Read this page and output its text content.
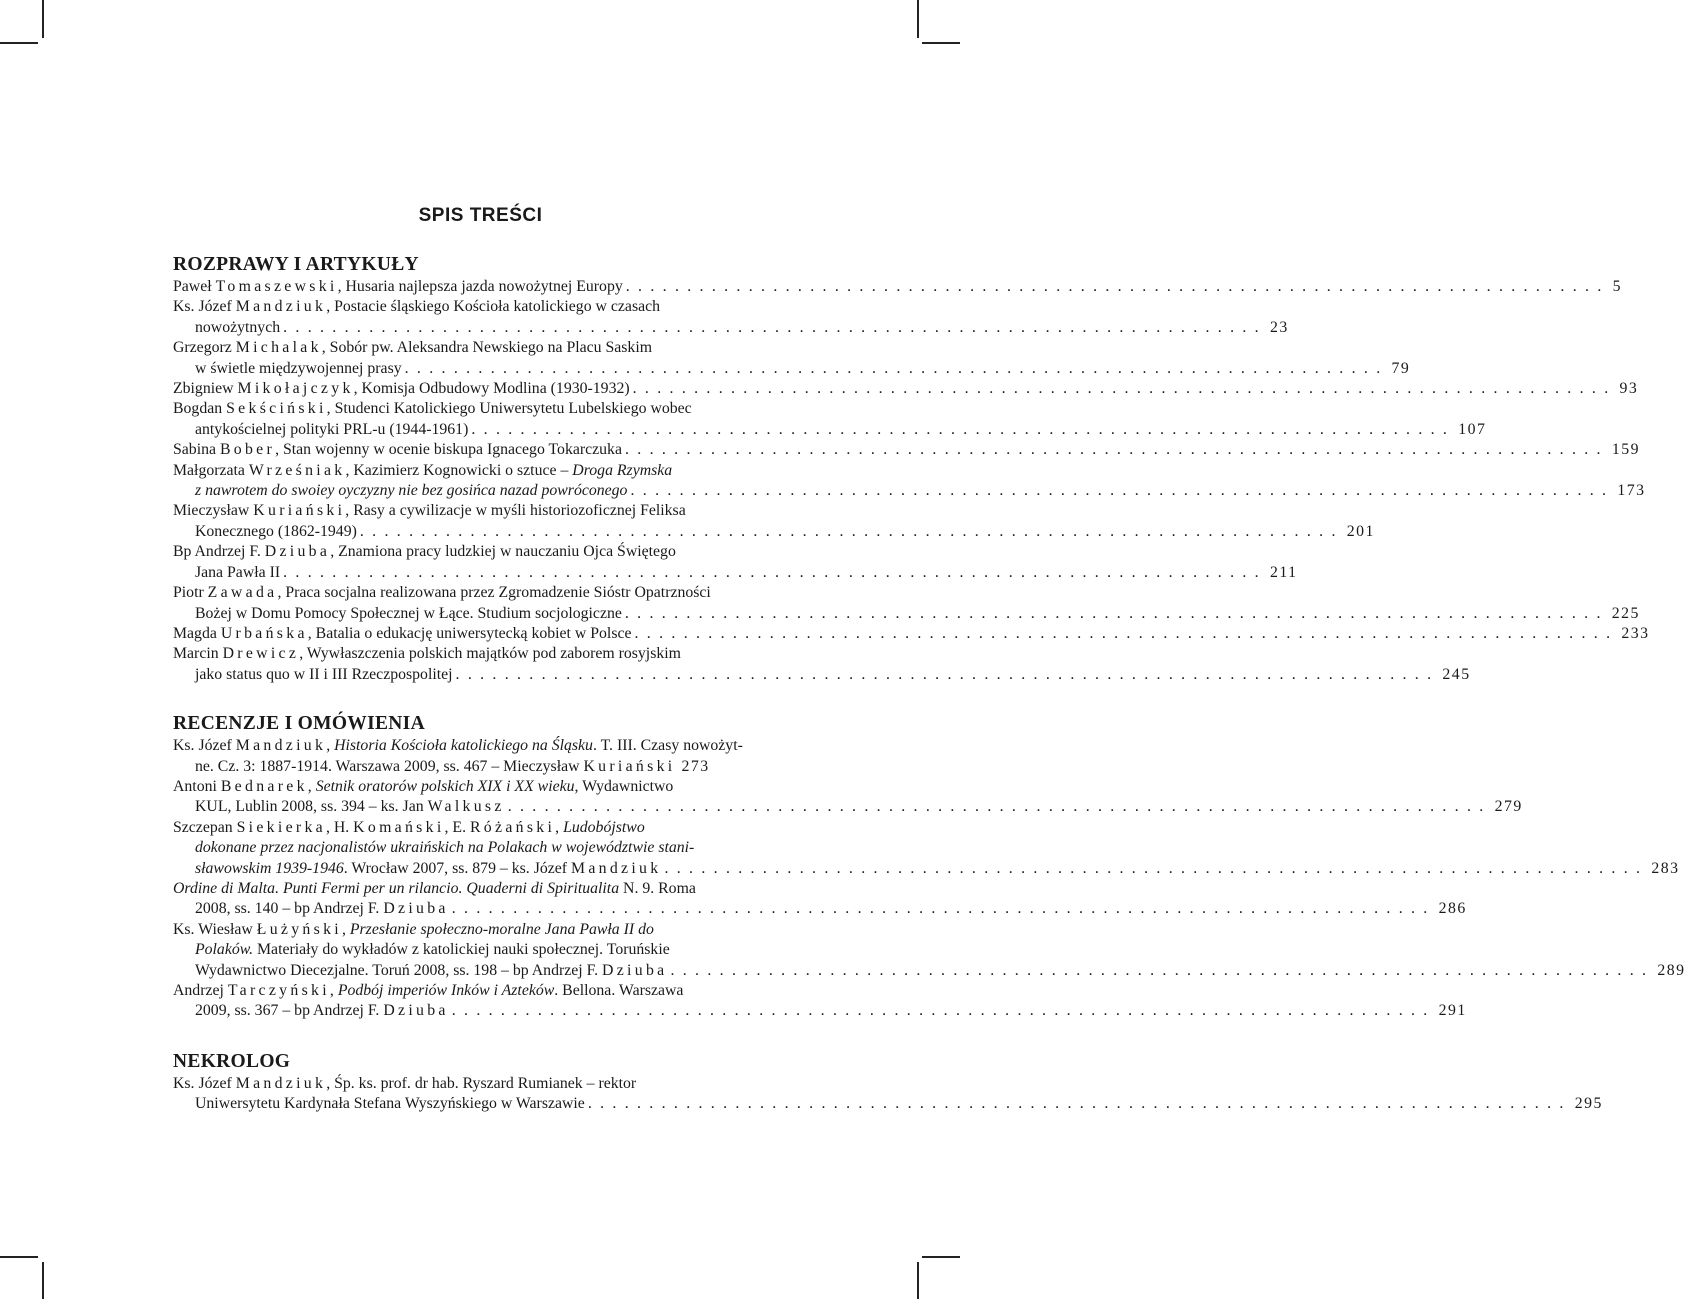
SPIS TREŚCI
ROZPRAWY I ARTYKUŁY
Paweł Tomaszewski, Husaria najlepsza jazda nowożytnej Europy . . . . . . . . . . . . . . . . . . . . . . . . . . . . . . . . . . . . . . . . . . . . . . . . . . . . . . . . . . . . . . . . . . . . . . . . . . . . . . . . 5
Ks. Józef Mandziuk, Postacie śląskiego Kościoła katolickiego w czasach
nowożytnych . . . . . . . . . . . . . . . . . . . . . . . . . . . . . . . . . . . . . . . . . . . . . . . . . . . . . . . . . . . . . . . . . . . . . . . . . . . . . . . . 23
Grzegorz Michalak, Sobór pw. Aleksandra Newskiego na Placu Saskim
w świetle międzywojennej prasy . . . . . . . . . . . . . . . . . . . . . . . . . . . . . . . . . . . . . . . . . . . . . . . . . . . . . . . . . . . . . . . . . . . . . . . . . . . . . . . . 79
Zbigniew Mikołajczyk, Komisja Odbudowy Modlina (1930-1932) . . . . . . . . . . . . . . . . . . . . . . . . . . . . . . . . . . . . . . . . . . . . . . . . . . . . . . . . . . . . . . . . . . . . . . . . . . . . . . . . 93
Bogdan Sekściński, Studenci Katolickiego Uniwersytetu Lubelskiego wobec
antykościelnej polityki PRL-u (1944-1961) . . . . . . . . . . . . . . . . . . . . . . . . . . . . . . . . . . . . . . . . . . . . . . . . . . . . . . . . . . . . . . . . . . . . . . . . . . . . . . . . 107
Sabina Bober, Stan wojenny w ocenie biskupa Ignacego Tokarczuka . . . . . . . . . . . . . . . . . . . . . . . . . . . . . . . . . . . . . . . . . . . . . . . . . . . . . . . . . . . . . . . . . . . . . . . . . . . . . . . . 159
Małgorzata Wrześniak, Kazimierz Kognowicki o sztuce – Droga Rzymska
z nawrotem do swoiey oyczyzny nie bez gosińca nazad powróconego . . . . . . . . . . . . . . . . . . . . . . . . . . . . . . . . . . . . . . . . . . . . . . . . . . . . . . . . . . . . . . . . . . . . . . . . . . . . . . . . 173
Mieczysław Kuriański, Rasy a cywilizacje w myśli historiozoficznej Feliksa
Konecznego (1862-1949) . . . . . . . . . . . . . . . . . . . . . . . . . . . . . . . . . . . . . . . . . . . . . . . . . . . . . . . . . . . . . . . . . . . . . . . . . . . . . . . . 201
Bp Andrzej F. Dziuba, Znamiona pracy ludzkiej w nauczaniu Ojca Świętego
Jana Pawła II . . . . . . . . . . . . . . . . . . . . . . . . . . . . . . . . . . . . . . . . . . . . . . . . . . . . . . . . . . . . . . . . . . . . . . . . . . . . . . . . 211
Piotr Zawada, Praca socjalna realizowana przez Zgromadzenie Sióstr Opatrzności
Bożej w Domu Pomocy Społecznej w Łące. Studium socjologiczne . . . . . . . . . . . . . . . . . . . . . . . . . . . . . . . . . . . . . . . . . . . . . . . . . . . . . . . . . . . . . . . . . . . . . . . . . . . . . . . . 225
Magda Urbańska, Batalia o edukację uniwersytecką kobiet w Polsce . . . . . . . . . . . . . . . . . . . . . . . . . . . . . . . . . . . . . . . . . . . . . . . . . . . . . . . . . . . . . . . . . . . . . . . . . . . . . . . . 233
Marcin Drewicz, Wywłaszczenia polskich majątków pod zaborem rosyjskim
jako status quo w II i III Rzeczpospolitej . . . . . . . . . . . . . . . . . . . . . . . . . . . . . . . . . . . . . . . . . . . . . . . . . . . . . . . . . . . . . . . . . . . . . . . . . . . . . . . . 245
RECENZJE I OMÓWIENIA
Ks. Józef Mandziuk, Historia Kościoła katolickiego na Śląsku. T. III. Czasy nowożyt-
ne. Cz. 3: 1887-1914. Warszawa 2009, ss. 467 – Mieczysław Kuriański 273
Antoni Bednarek, Setnik oratorów polskich XIX i XX wieku, Wydawnictwo
KUL, Lublin 2008, ss. 394 – ks. Jan Walkusz . . . . . . . . . . . . . . . . . . . . . . . . . . . . . . . . . . . . . . . . . . . . . . . . . . . . . . . . . . . . . . . . . . . . . . . . . . . . . . . . 279
Szczepan Siekierka, H. Komański, E. Różański, Ludobójstwo
dokonane przez nacjonalistów ukraińskich na Polakach w województwie stani-
sławowskim 1939-1946. Wrocław 2007, ss. 879 – ks. Józef Mandziuk . . . . . . . . . . . . . . . . . . . . . . . . . . . . . . . . . . . . . . . . . . . . . . . . . . . . . . . . . . . . . . . . . . . . . . . . . . . . . . . . 283
Ordine di Malta. Punti Fermi per un rilancio. Quaderni di Spiritualita N. 9. Roma
2008, ss. 140 – bp Andrzej F. Dziuba . . . . . . . . . . . . . . . . . . . . . . . . . . . . . . . . . . . . . . . . . . . . . . . . . . . . . . . . . . . . . . . . . . . . . . . . . . . . . . . . 286
Ks. Wiesław Łużyński, Przesłanie społeczno-moralne Jana Pawła II do
Polaków. Materiały do wykładów z katolickiej nauki społecznej. Toruńskie
Wydawnictwo Diecezjalne. Toruń 2008, ss. 198 – bp Andrzej F. Dziuba . . . . . . . . . . . . . . . . . . . . . . . . . . . . . . . . . . . . . . . . . . . . . . . . . . . . . . . . . . . . . . . . . . . . . . . . . . . . . . . . 289
Andrzej Tarczyński, Podbój imperiów Inków i Azteków. Bellona. Warszawa
2009, ss. 367 – bp Andrzej F. Dziuba . . . . . . . . . . . . . . . . . . . . . . . . . . . . . . . . . . . . . . . . . . . . . . . . . . . . . . . . . . . . . . . . . . . . . . . . . . . . . . . . 291
NEKROLOG
Ks. Józef Mandziuk, Śp. ks. prof. dr hab. Ryszard Rumianek – rektor
Uniwersytetu Kardynała Stefana Wyszyńskiego w Warszawie . . . . . . . . . . . . . . . . . . . . . . . . . . . . . . . . . . . . . . . . . . . . . . . . . . . . . . . . . . . . . . . . . . . . . . . . . . . . . . . . 295
